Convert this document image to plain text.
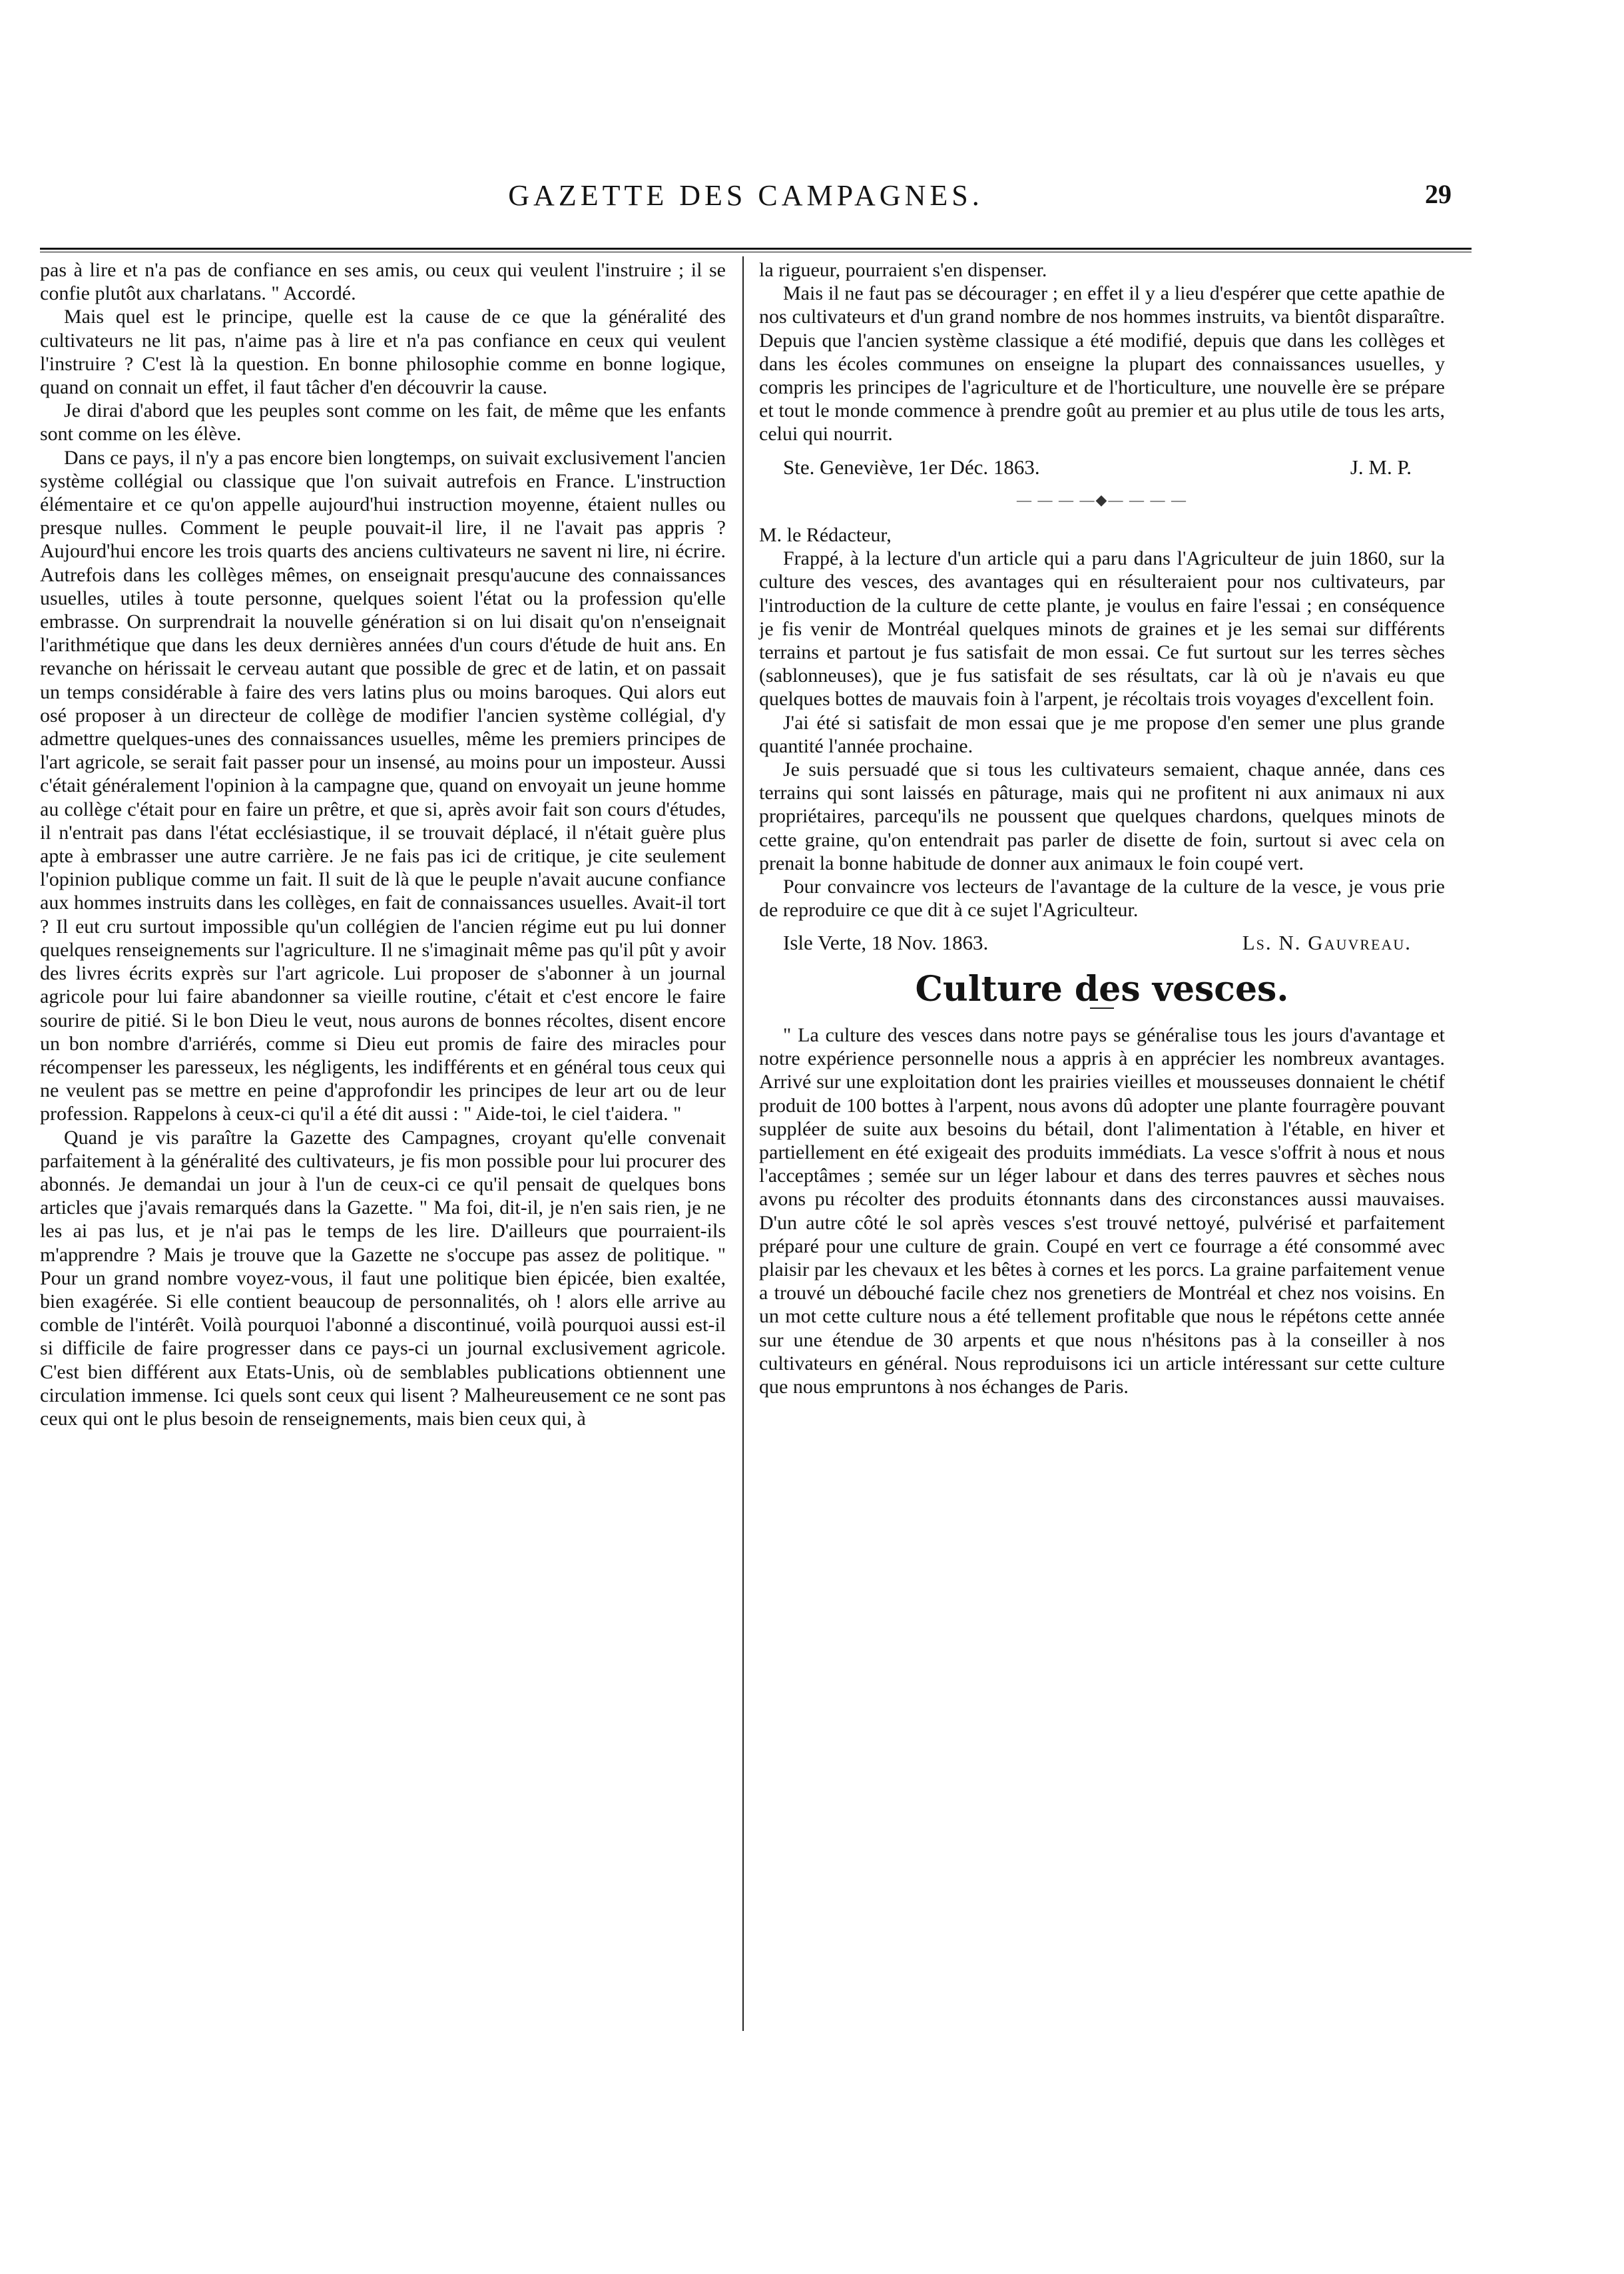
GAZETTE DES CAMPAGNES.	29

pas à lire et n'a pas de confiance en ses amis, ou ceux qui veulent l'instruire ; il se confie plutôt aux charlatans. " Accordé.

Mais quel est le principe, quelle est la cause de ce que la généralité des cultivateurs ne lit pas, n'aime pas à lire et n'a pas confiance en ceux qui veulent l'instruire ? C'est là la question. En bonne philosophie comme en bonne logique, quand on connait un effet, il faut tâcher d'en découvrir la cause.

Je dirai d'abord que les peuples sont comme on les fait, de même que les enfants sont comme on les élève.

Dans ce pays, il n'y a pas encore bien longtemps, on suivait exclusivement l'ancien système collégial ou classique que l'on suivait autrefois en France. L'instruction élémentaire et ce qu'on appelle aujourd'hui instruction moyenne, étaient nulles ou presque nulles. Comment le peuple pouvait-il lire, il ne l'avait pas appris ? Aujourd'hui encore les trois quarts des anciens cultivateurs ne savent ni lire, ni écrire. Autrefois dans les collèges mêmes, on enseignait presqu'aucune des connaissances usuelles, utiles à toute personne, quelques soient l'état ou la profession qu'elle embrasse. On surprendrait la nouvelle génération si on lui disait qu'on n'enseignait l'arithmétique que dans les deux dernières années d'un cours d'étude de huit ans. En revanche on hérissait le cerveau autant que possible de grec et de latin, et on passait un temps considérable à faire des vers latins plus ou moins baroques. Qui alors eut osé proposer à un directeur de collège de modifier l'ancien système collégial, d'y admettre quelques-unes des connaissances usuelles, même les premiers principes de l'art agricole, se serait fait passer pour un insensé, au moins pour un imposteur. Aussi c'était généralement l'opinion à la campagne que, quand on envoyait un jeune homme au collège c'était pour en faire un prêtre, et que si, après avoir fait son cours d'études, il n'entrait pas dans l'état ecclésiastique, il se trouvait déplacé, il n'était guère plus apte à embrasser une autre carrière. Je ne fais pas ici de critique, je cite seulement l'opinion publique comme un fait. Il suit de là que le peuple n'avait aucune confiance aux hommes instruits dans les collèges, en fait de connaissances usuelles. Avait-il tort ? Il eut cru surtout impossible qu'un collégien de l'ancien régime eut pu lui donner quelques renseignements sur l'agriculture. Il ne s'imaginait même pas qu'il pût y avoir des livres écrits exprès sur l'art agricole. Lui proposer de s'abonner à un journal agricole pour lui faire abandonner sa vieille routine, c'était et c'est encore le faire sourire de pitié. Si le bon Dieu le veut, nous aurons de bonnes récoltes, disent encore un bon nombre d'arriérés, comme si Dieu eut promis de faire des miracles pour récompenser les paresseux, les négligents, les indifférents et en général tous ceux qui ne veulent pas se mettre en peine d'approfondir les principes de leur art ou de leur profession. Rappelons à ceux-ci qu'il a été dit aussi : " Aide-toi, le ciel t'aidera. "

Quand je vis paraître la Gazette des Campagnes, croyant qu'elle convenait parfaitement à la généralité des cultivateurs, je fis mon possible pour lui procurer des abonnés. Je demandai un jour à l'un de ceux-ci ce qu'il pensait de quelques bons articles que j'avais remarqués dans la Gazette. " Ma foi, dit-il, je n'en sais rien, je ne les ai pas lus, et je n'ai pas le temps de les lire. D'ailleurs que pourraient-ils m'apprendre ? Mais je trouve que la Gazette ne s'occupe pas assez de politique. " Pour un grand nombre voyez-vous, il faut une politique bien épicée, bien exaltée, bien exagérée. Si elle contient beaucoup de personnalités, oh ! alors elle arrive au comble de l'intérêt. Voilà pourquoi l'abonné a discontinué, voilà pourquoi aussi est-il si difficile de faire progresser dans ce pays-ci un journal exclusivement agricole. C'est bien différent aux Etats-Unis, où de semblables publications obtiennent une circulation immense. Ici quels sont ceux qui lisent ? Malheureusement ce ne sont pas ceux qui ont le plus besoin de renseignements, mais bien ceux qui, à

la rigueur, pourraient s'en dispenser.

Mais il ne faut pas se décourager ; en effet il y a lieu d'espérer que cette apathie de nos cultivateurs et d'un grand nombre de nos hommes instruits, va bientôt disparaître. Depuis que l'ancien système classique a été modifié, depuis que dans les collèges et dans les écoles communes on enseigne la plupart des connaissances usuelles, y compris les principes de l'agriculture et de l'horticulture, une nouvelle ère se prépare et tout le monde commence à prendre goût au premier et au plus utile de tous les arts, celui qui nourrit.

Ste. Geneviève, 1er Déc. 1863.	J. M. P.
— — — —◆— — — —

M. le Rédacteur,

Frappé, à la lecture d'un article qui a paru dans l'Agriculteur de juin 1860, sur la culture des vesces, des avantages qui en résulteraient pour nos cultivateurs, par l'introduction de la culture de cette plante, je voulus en faire l'essai ; en conséquence je fis venir de Montréal quelques minots de graines et je les semai sur différents terrains et partout je fus satisfait de mon essai. Ce fut surtout sur les terres sèches (sablonneuses), que je fus satisfait de ses résultats, car là où je n'avais eu que quelques bottes de mauvais foin à l'arpent, je récoltais trois voyages d'excellent foin.

J'ai été si satisfait de mon essai que je me propose d'en semer une plus grande quantité l'année prochaine.

Je suis persuadé que si tous les cultivateurs semaient, chaque année, dans ces terrains qui sont laissés en pâturage, mais qui ne profitent ni aux animaux ni aux propriétaires, parcequ'ils ne poussent que quelques chardons, quelques minots de cette graine, qu'on entendrait pas parler de disette de foin, surtout si avec cela on prenait la bonne habitude de donner aux animaux le foin coupé vert.

Pour convaincre vos lecteurs de l'avantage de la culture de la vesce, je vous prie de reproduire ce que dit à ce sujet l'Agriculteur.

Isle Verte, 18 Nov. 1863.	Ls. N. Gauvreau.
Culture des vesces.

" La culture des vesces dans notre pays se généralise tous les jours d'avantage et notre expérience personnelle nous a appris à en apprécier les nombreux avantages. Arrivé sur une exploitation dont les prairies vieilles et mousseuses donnaient le chétif produit de 100 bottes à l'arpent, nous avons dû adopter une plante fourragère pouvant suppléer de suite aux besoins du bétail, dont l'alimentation à l'étable, en hiver et partiellement en été exigeait des produits immédiats. La vesce s'offrit à nous et nous l'acceptâmes ; semée sur un léger labour et dans des terres pauvres et sèches nous avons pu récolter des produits étonnants dans des circonstances aussi mauvaises. D'un autre côté le sol après vesces s'est trouvé nettoyé, pulvérisé et parfaitement préparé pour une culture de grain. Coupé en vert ce fourrage a été consommé avec plaisir par les chevaux et les bêtes à cornes et les porcs. La graine parfaitement venue a trouvé un débouché facile chez nos grenetiers de Montréal et chez nos voisins. En un mot cette culture nous a été tellement profitable que nous le répétons cette année sur une étendue de 30 arpents et que nous n'hésitons pas à la conseiller à nos cultivateurs en général. Nous reproduisons ici un article intéressant sur cette culture que nous empruntons à nos échanges de Paris.
